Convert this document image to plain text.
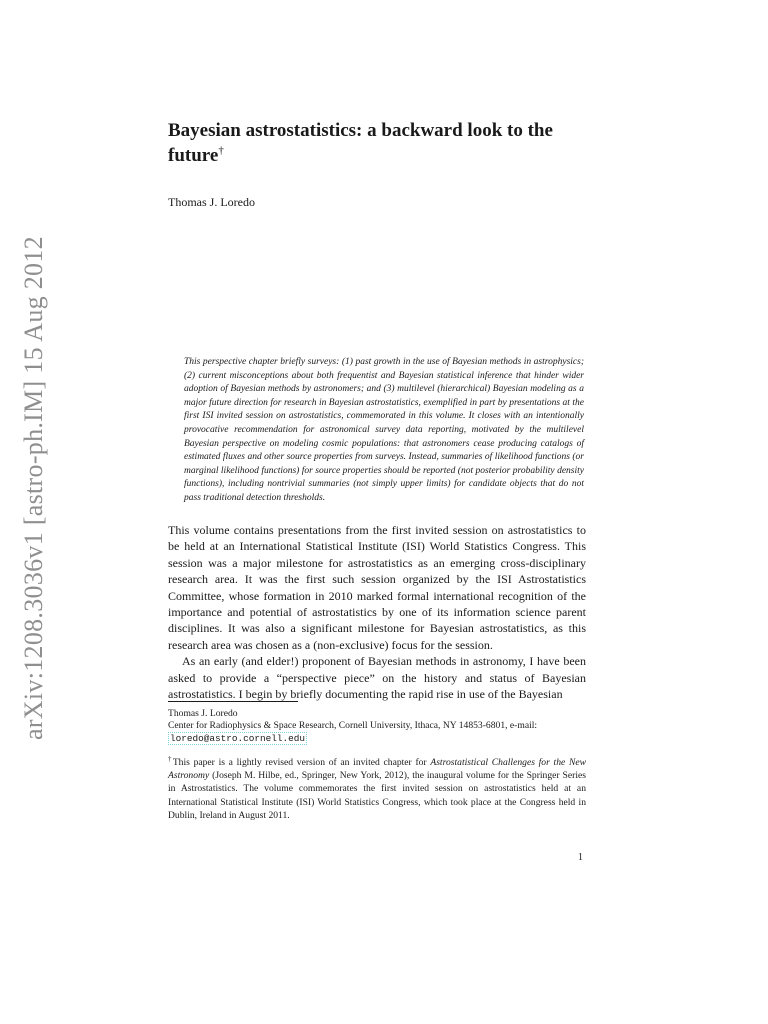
arXiv:1208.3036v1 [astro-ph.IM] 15 Aug 2012
Bayesian astrostatistics: a backward look to the future†
Thomas J. Loredo

This perspective chapter briefly surveys: (1) past growth in the use of Bayesian methods in astrophysics; (2) current misconceptions about both frequentist and Bayesian statistical inference that hinder wider adoption of Bayesian methods by astronomers; and (3) multilevel (hierarchical) Bayesian modeling as a major future direction for research in Bayesian astrostatistics, exemplified in part by presentations at the first ISI invited session on astrostatistics, commemorated in this volume. It closes with an intentionally provocative recommendation for astronomical survey data reporting, motivated by the multilevel Bayesian perspective on modeling cosmic populations: that astronomers cease producing catalogs of estimated fluxes and other source properties from surveys. Instead, summaries of likelihood functions (or marginal likelihood functions) for source properties should be reported (not posterior probability density functions), including nontrivial summaries (not simply upper limits) for candidate objects that do not pass traditional detection thresholds.

This volume contains presentations from the first invited session on astrostatistics to be held at an International Statistical Institute (ISI) World Statistics Congress. This session was a major milestone for astrostatistics as an emerging cross-disciplinary research area. It was the first such session organized by the ISI Astrostatistics Committee, whose formation in 2010 marked formal international recognition of the importance and potential of astrostatistics by one of its information science parent disciplines. It was also a significant milestone for Bayesian astrostatistics, as this research area was chosen as a (non-exclusive) focus for the session.

As an early (and elder!) proponent of Bayesian methods in astronomy, I have been asked to provide a “perspective piece” on the history and status of Bayesian astrostatistics. I begin by briefly documenting the rapid rise in use of the Bayesian

Thomas J. Loredo
Center for Radiophysics & Space Research, Cornell University, Ithaca, NY 14853-6801, e-mail:
loredo@astro.cornell.edu
†This paper is a lightly revised version of an invited chapter for Astrostatistical Challenges for the New Astronomy (Joseph M. Hilbe, ed., Springer, New York, 2012), the inaugural volume for the Springer Series in Astrostatistics. The volume commemorates the first invited session on astrostatistics held at an International Statistical Institute (ISI) World Statistics Congress, which took place at the Congress held in Dublin, Ireland in August 2011.
1
